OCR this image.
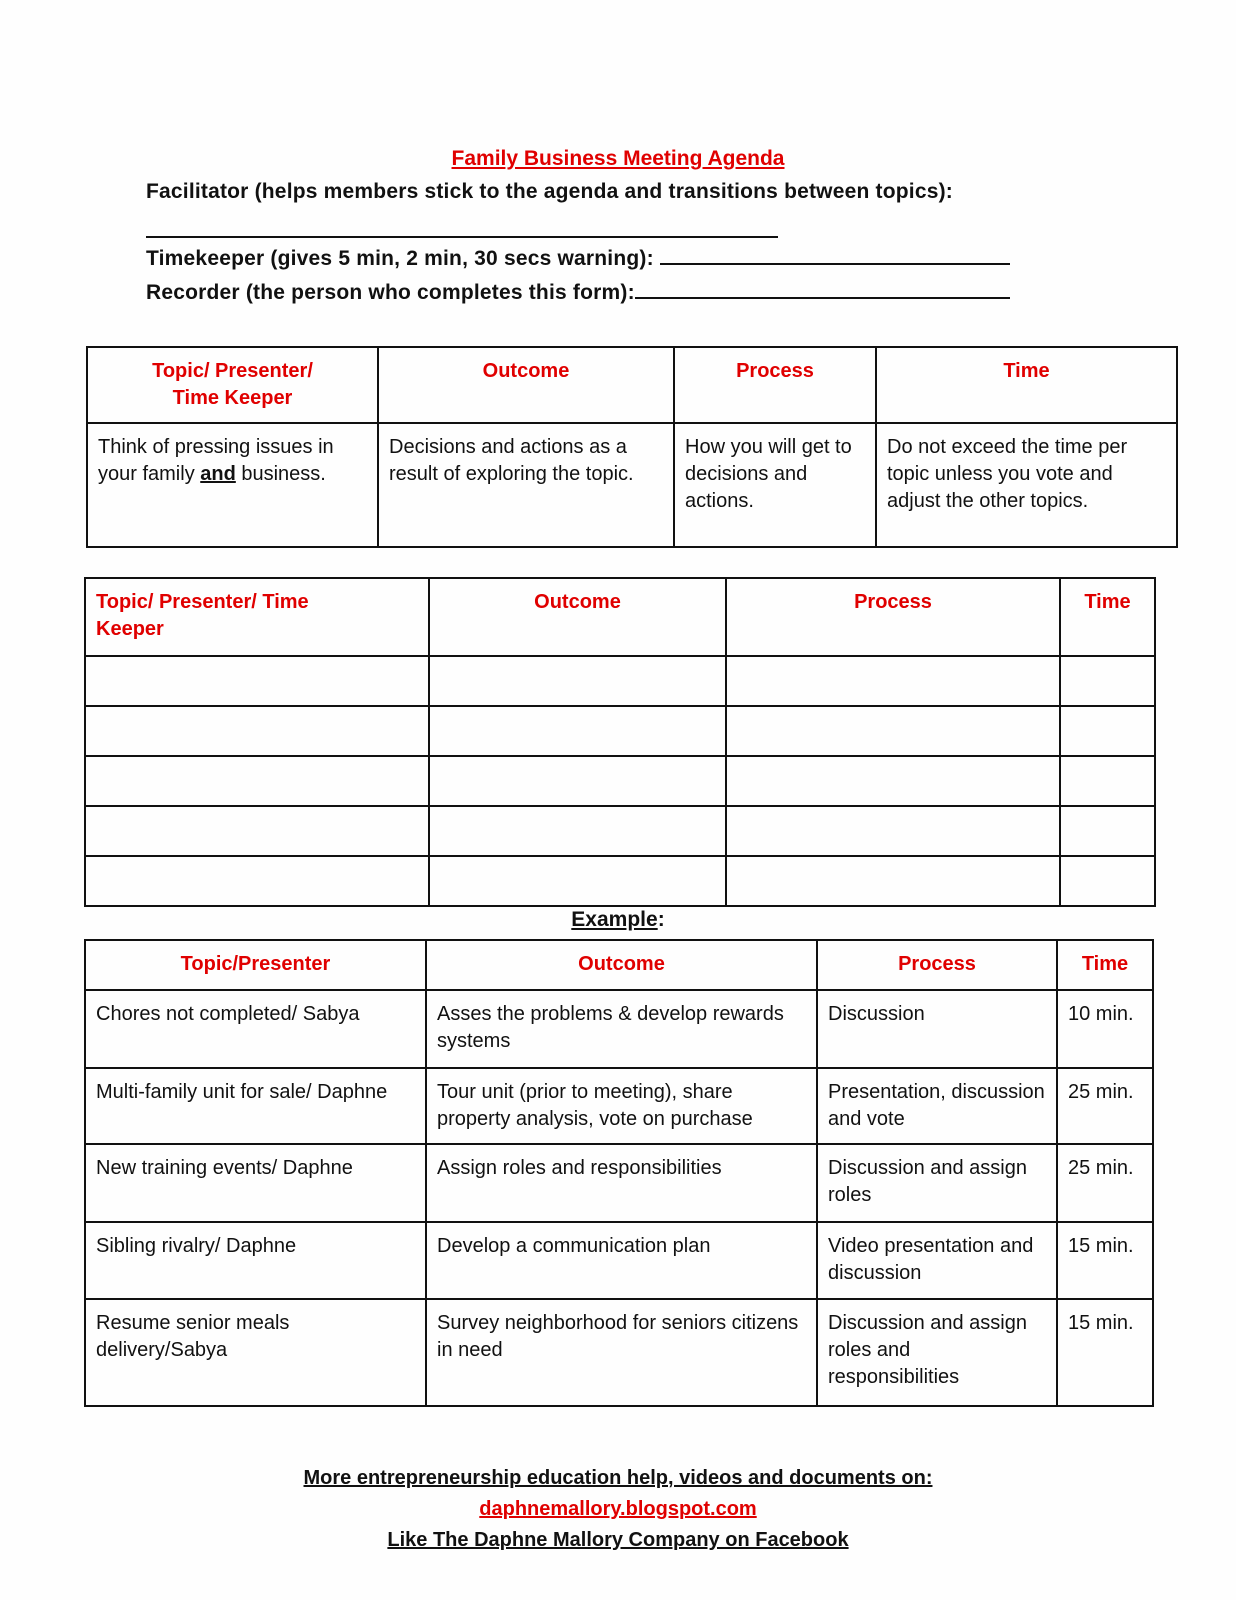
Family Business Meeting Agenda
Facilitator (helps members stick to the agenda and transitions between topics):
Timekeeper (gives 5 min, 2 min, 30 secs warning):
Recorder (the person who completes this form):
Topic/ Presenter/ Time Keeper	Outcome	Process	Time
Think of pressing issues in your family and business.	Decisions and actions as a result of exploring the topic.	How you will get to decisions and actions.	Do not exceed the time per topic unless you vote and adjust the other topics.
Topic/ Presenter/ Time Keeper	Outcome	Process	Time

Example:
Topic/Presenter	Outcome	Process	Time
Chores not completed/ Sabya	Asses the problems & develop rewards systems	Discussion	10 min.
Multi-family unit for sale/ Daphne	Tour unit (prior to meeting), share property analysis, vote on purchase	Presentation, discussion and vote	25 min.
New training events/ Daphne	Assign roles and responsibilities	Discussion and assign roles	25 min.
Sibling rivalry/ Daphne	Develop a communication plan	Video presentation and discussion	15 min.
Resume senior meals delivery/Sabya	Survey neighborhood for seniors citizens in need	Discussion and assign roles and responsibilities	15 min.
More entrepreneurship education help, videos and documents on:
daphnemallory.blogspot.com
Like The Daphne Mallory Company on Facebook
